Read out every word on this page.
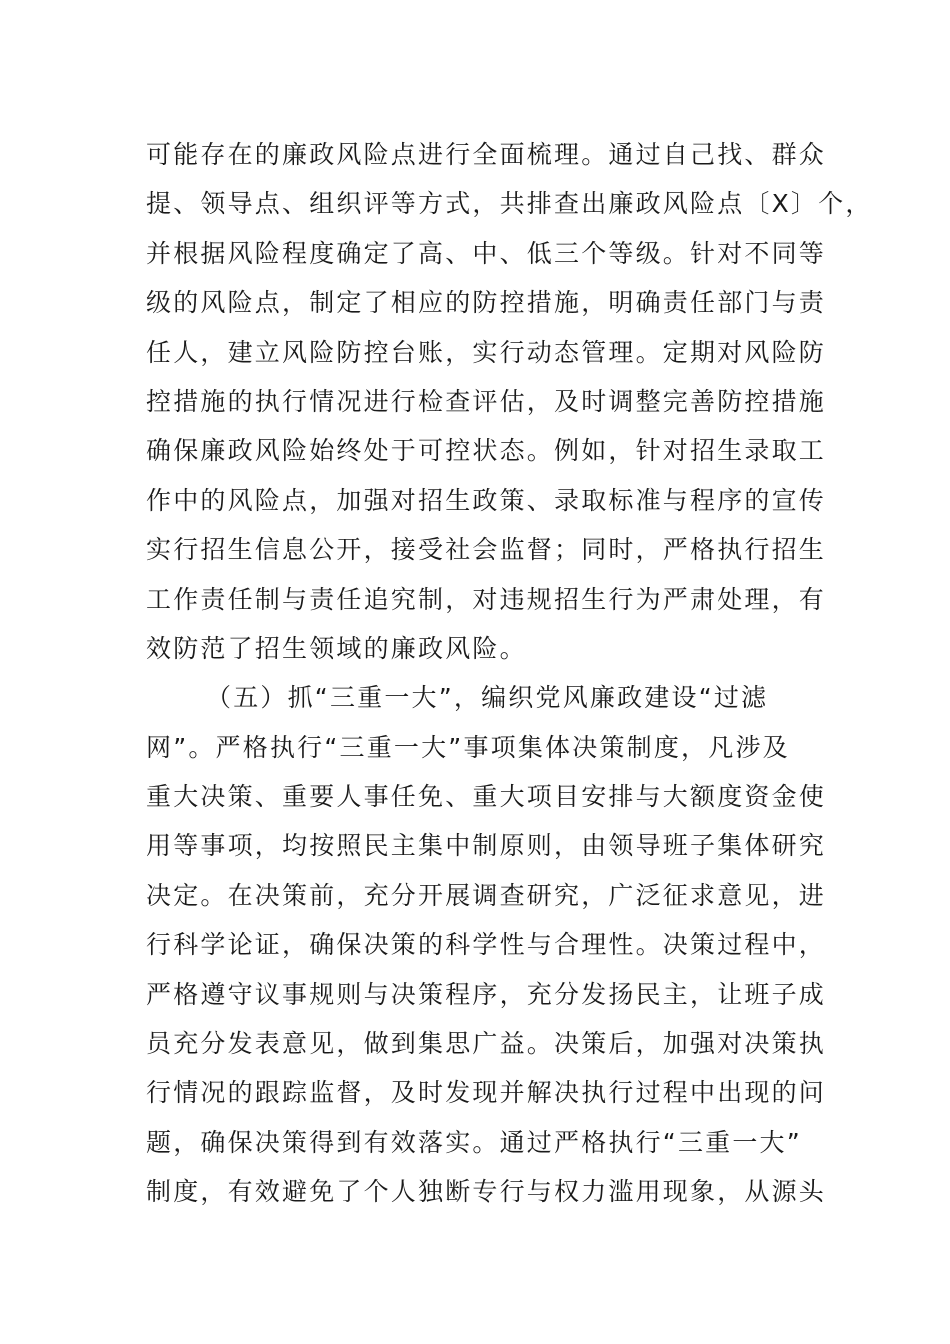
可能存在的廉政风险点进行全面梳理。通过自己找、群众
提、领导点、组织评等方式，共排查出廉政风险点〔X〕个，
并根据风险程度确定了高、中、低三个等级。针对不同等
级的风险点，制定了相应的防控措施，明确责任部门与责
任人，建立风险防控台账，实行动态管理。定期对风险防
控措施的执行情况进行检查评估，及时调整完善防控措施
确保廉政风险始终处于可控状态。例如，针对招生录取工
作中的风险点，加强对招生政策、录取标准与程序的宣传
实行招生信息公开，接受社会监督；同时，严格执行招生
工作责任制与责任追究制，对违规招生行为严肃处理，有
效防范了招生领域的廉政风险。
（五）抓“三重一大”，编织党风廉政建设“过滤
网”。严格执行“三重一大”事项集体决策制度，凡涉及
重大决策、重要人事任免、重大项目安排与大额度资金使
用等事项，均按照民主集中制原则，由领导班子集体研究
决定。在决策前，充分开展调查研究，广泛征求意见，进
行科学论证，确保决策的科学性与合理性。决策过程中，
严格遵守议事规则与决策程序，充分发扬民主，让班子成
员充分发表意见，做到集思广益。决策后，加强对决策执
行情况的跟踪监督，及时发现并解决执行过程中出现的问
题，确保决策得到有效落实。通过严格执行“三重一大”
制度，有效避免了个人独断专行与权力滥用现象，从源头
